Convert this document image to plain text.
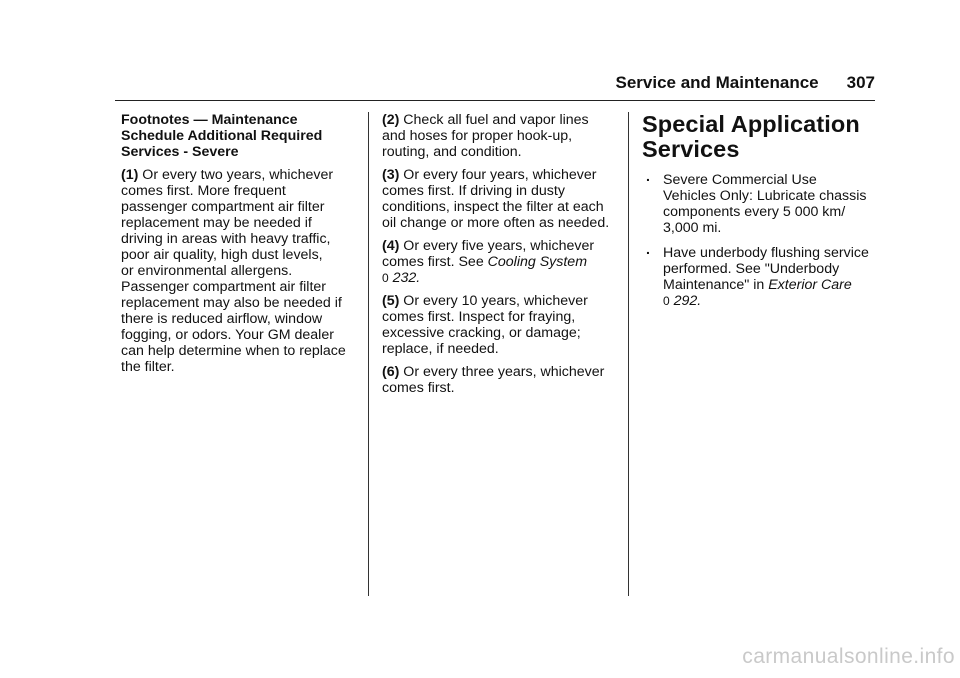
Service and Maintenance 307
Footnotes — Maintenance
Schedule Additional Required
Services - Severe

(1) Or every two years, whichever
comes first. More frequent
passenger compartment air filter
replacement may be needed if
driving in areas with heavy traffic,
poor air quality, high dust levels,
or environmental allergens.
Passenger compartment air filter
replacement may also be needed if
there is reduced airflow, window
fogging, or odors. Your GM dealer
can help determine when to replace
the filter.

(2) Check all fuel and vapor lines
and hoses for proper hook-up,
routing, and condition.

(3) Or every four years, whichever
comes first. If driving in dusty
conditions, inspect the filter at each
oil change or more often as needed.

(4) Or every five years, whichever
comes first. See Cooling System
0 232.

(5) Or every 10 years, whichever
comes first. Inspect for fraying,
excessive cracking, or damage;
replace, if needed.

(6) Or every three years, whichever
comes first.

Special Application
Services
. Severe Commercial Use
Vehicles Only: Lubricate chassis
components every 5 000 km/
3,000 mi.
. Have underbody flushing service
performed. See "Underbody
Maintenance" in Exterior Care
0 292.
carmanualsonline.info
